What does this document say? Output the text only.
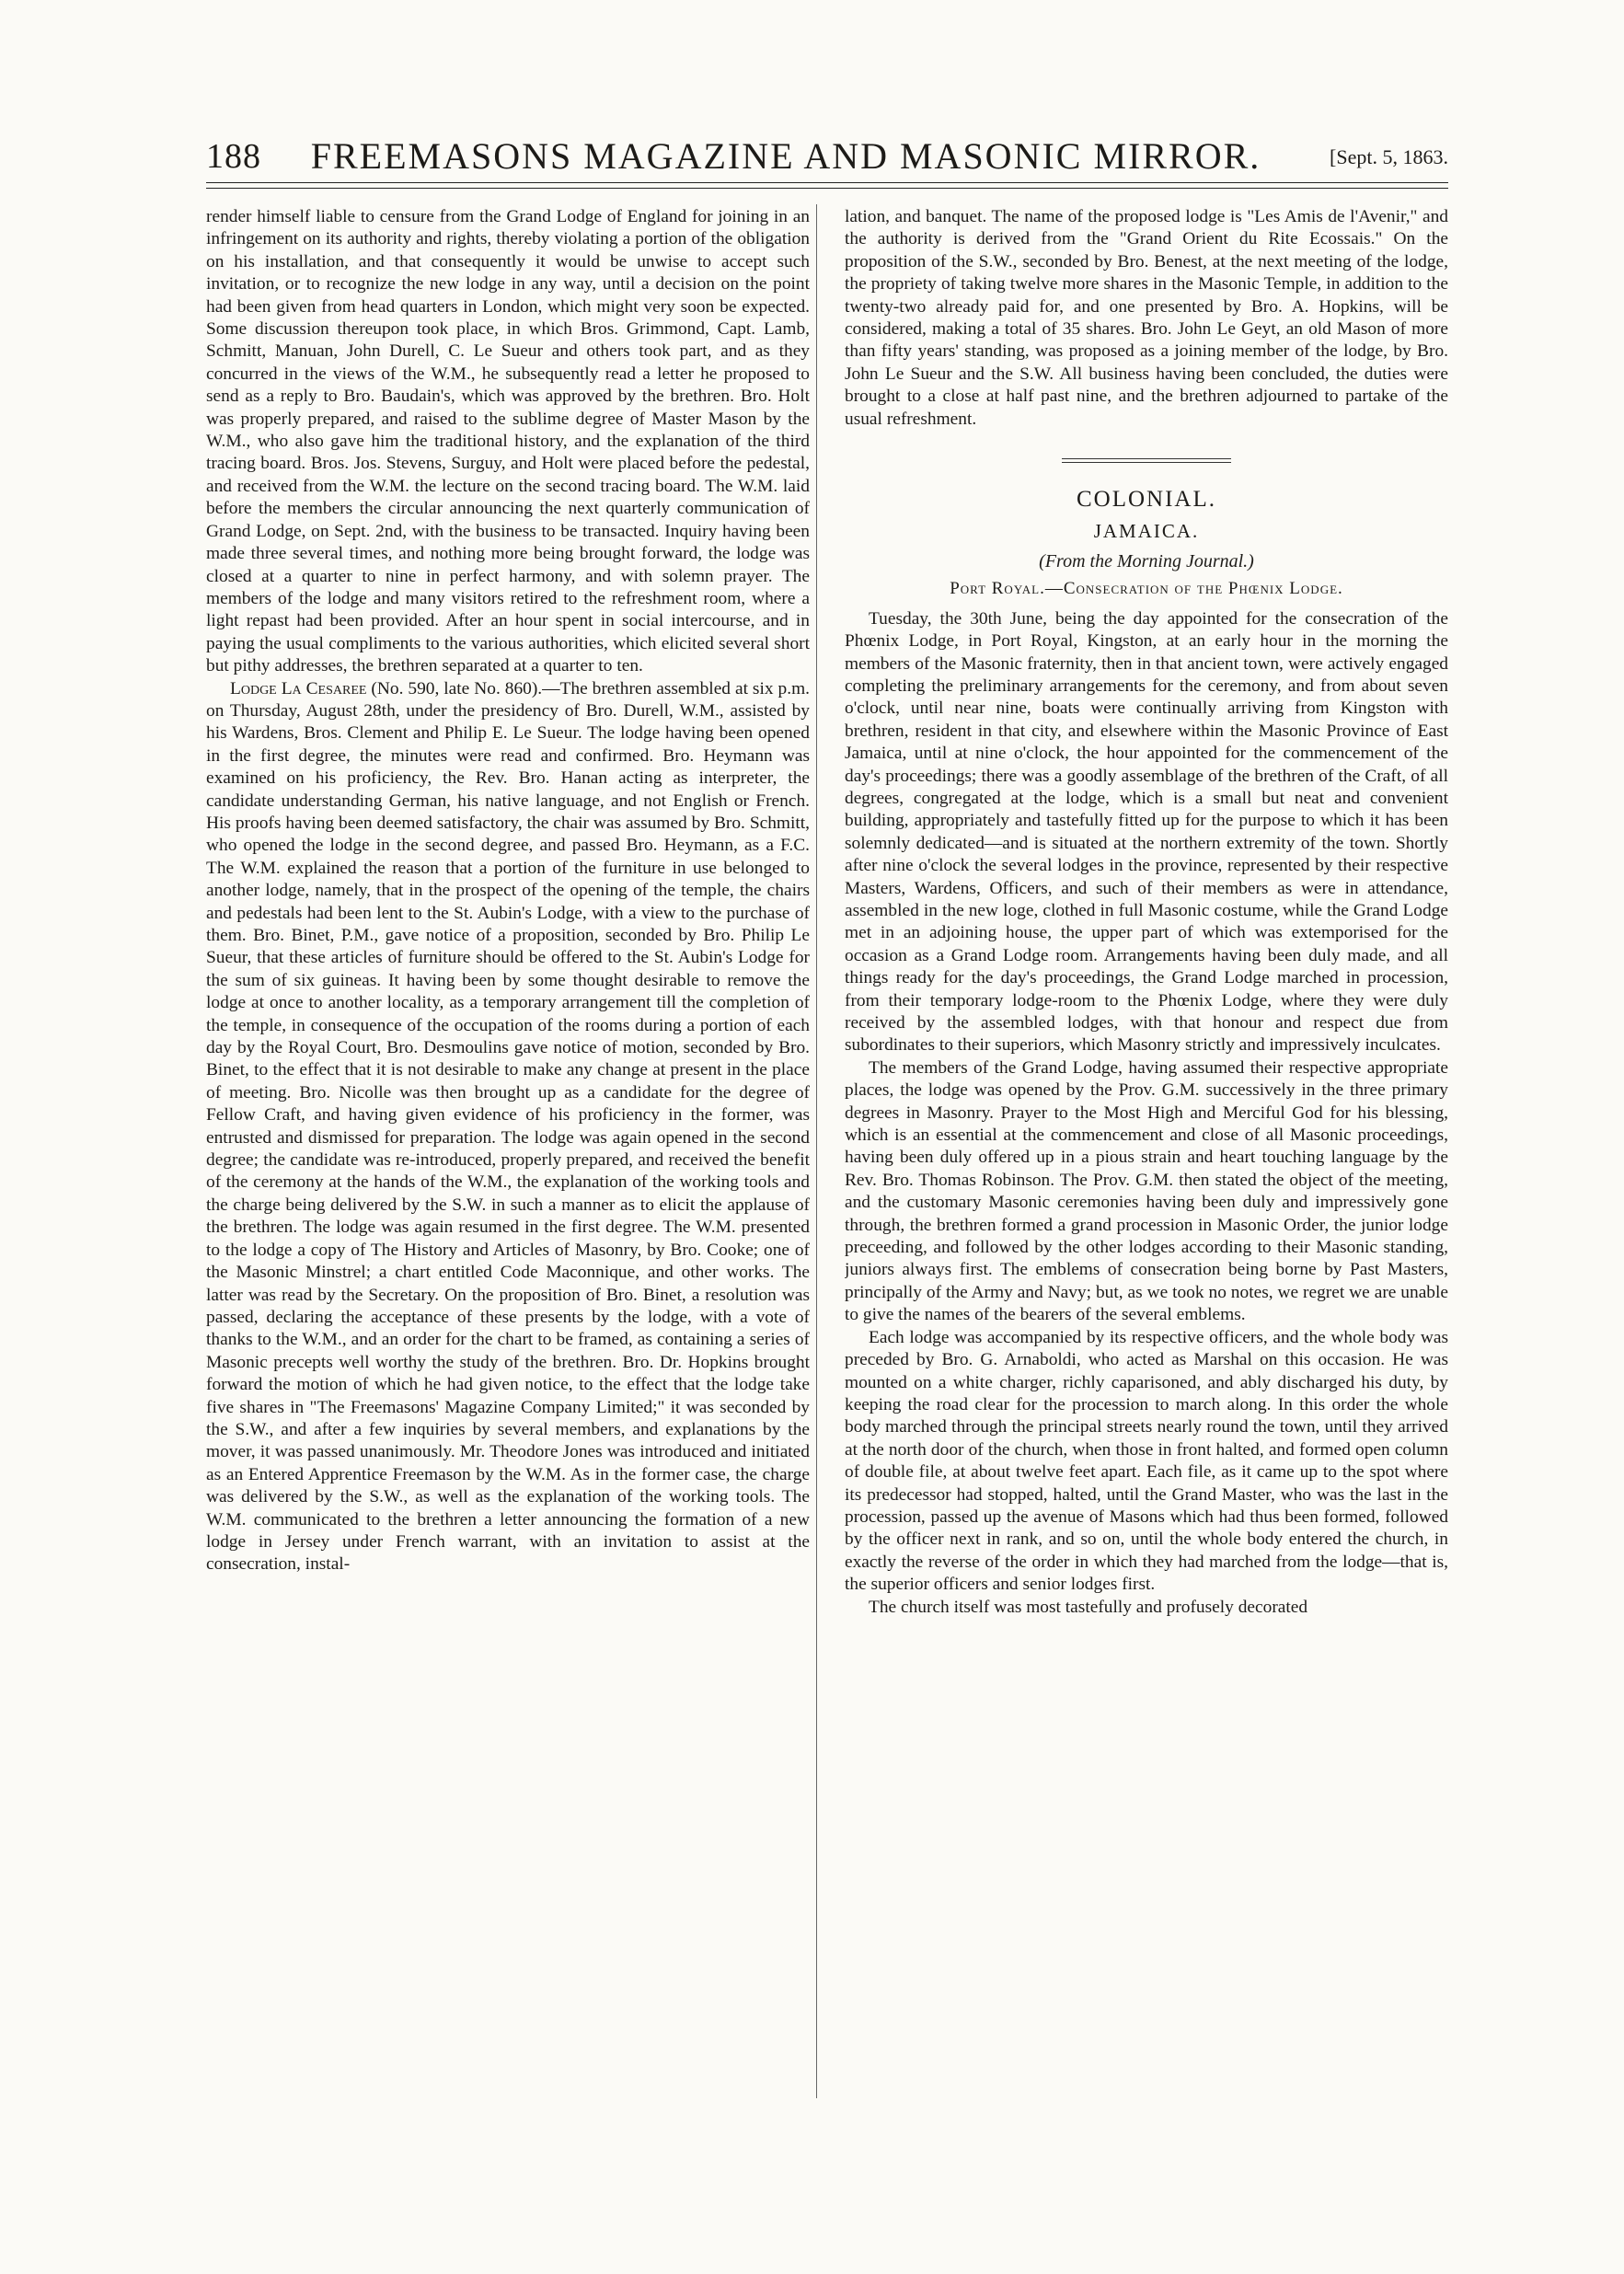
188	FREEMASONS MAGAZINE AND MASONIC MIRROR.	[Sept. 5, 1863.

render himself liable to censure from the Grand Lodge of England for joining in an infringement on its authority and rights, thereby violating a portion of the obligation on his installation, and that consequently it would be unwise to accept such invitation, or to recognize the new lodge in any way, until a decision on the point had been given from head quarters in London, which might very soon be expected. Some discussion thereupon took place, in which Bros. Grimmond, Capt. Lamb, Schmitt, Manuan, John Durell, C. Le Sueur and others took part, and as they concurred in the views of the W.M., he subsequently read a letter he proposed to send as a reply to Bro. Baudain's, which was approved by the brethren. Bro. Holt was properly prepared, and raised to the sublime degree of Master Mason by the W.M., who also gave him the traditional history, and the explanation of the third tracing board. Bros. Jos. Stevens, Surguy, and Holt were placed before the pedestal, and received from the W.M. the lecture on the second tracing board. The W.M. laid before the members the circular announcing the next quarterly communication of Grand Lodge, on Sept. 2nd, with the business to be transacted. Inquiry having been made three several times, and nothing more being brought forward, the lodge was closed at a quarter to nine in perfect harmony, and with solemn prayer. The members of the lodge and many visitors retired to the refreshment room, where a light repast had been provided. After an hour spent in social intercourse, and in paying the usual compliments to the various authorities, which elicited several short but pithy addresses, the brethren separated at a quarter to ten.

Lodge La Cesaree (No. 590, late No. 860).—The brethren assembled at six p.m. on Thursday, August 28th, under the presidency of Bro. Durell, W.M., assisted by his Wardens, Bros. Clement and Philip E. Le Sueur. The lodge having been opened in the first degree, the minutes were read and confirmed. Bro. Heymann was examined on his proficiency, the Rev. Bro. Hanan acting as interpreter, the candidate understanding German, his native language, and not English or French. His proofs having been deemed satisfactory, the chair was assumed by Bro. Schmitt, who opened the lodge in the second degree, and passed Bro. Heymann, as a F.C. The W.M. explained the reason that a portion of the furniture in use belonged to another lodge, namely, that in the prospect of the opening of the temple, the chairs and pedestals had been lent to the St. Aubin's Lodge, with a view to the purchase of them. Bro. Binet, P.M., gave notice of a proposition, seconded by Bro. Philip Le Sueur, that these articles of furniture should be offered to the St. Aubin's Lodge for the sum of six guineas. It having been by some thought desirable to remove the lodge at once to another locality, as a temporary arrangement till the completion of the temple, in consequence of the occupation of the rooms during a portion of each day by the Royal Court, Bro. Desmoulins gave notice of motion, seconded by Bro. Binet, to the effect that it is not desirable to make any change at present in the place of meeting. Bro. Nicolle was then brought up as a candidate for the degree of Fellow Craft, and having given evidence of his proficiency in the former, was entrusted and dismissed for preparation. The lodge was again opened in the second degree; the candidate was re-introduced, properly prepared, and received the benefit of the ceremony at the hands of the W.M., the explanation of the working tools and the charge being delivered by the S.W. in such a manner as to elicit the applause of the brethren. The lodge was again resumed in the first degree. The W.M. presented to the lodge a copy of The History and Articles of Masonry, by Bro. Cooke; one of the Masonic Minstrel; a chart entitled Code Maconnique, and other works. The latter was read by the Secretary. On the proposition of Bro. Binet, a resolution was passed, declaring the acceptance of these presents by the lodge, with a vote of thanks to the W.M., and an order for the chart to be framed, as containing a series of Masonic precepts well worthy the study of the brethren. Bro. Dr. Hopkins brought forward the motion of which he had given notice, to the effect that the lodge take five shares in "The Freemasons' Magazine Company Limited;" it was seconded by the S.W., and after a few inquiries by several members, and explanations by the mover, it was passed unanimously. Mr. Theodore Jones was introduced and initiated as an Entered Apprentice Freemason by the W.M. As in the former case, the charge was delivered by the S.W., as well as the explanation of the working tools. The W.M. communicated to the brethren a letter announcing the formation of a new lodge in Jersey under French warrant, with an invitation to assist at the consecration, instal-

lation, and banquet. The name of the proposed lodge is "Les Amis de l'Avenir," and the authority is derived from the "Grand Orient du Rite Ecossais." On the proposition of the S.W., seconded by Bro. Benest, at the next meeting of the lodge, the propriety of taking twelve more shares in the Masonic Temple, in addition to the twenty-two already paid for, and one presented by Bro. A. Hopkins, will be considered, making a total of 35 shares. Bro. John Le Geyt, an old Mason of more than fifty years' standing, was proposed as a joining member of the lodge, by Bro. John Le Sueur and the S.W. All business having been concluded, the duties were brought to a close at half past nine, and the brethren adjourned to partake of the usual refreshment.

COLONIAL.
JAMAICA.
(From the Morning Journal.)
Port Royal.—Consecration of the Phœnix Lodge.

Tuesday, the 30th June, being the day appointed for the consecration of the Phœnix Lodge, in Port Royal, Kingston, at an early hour in the morning the members of the Masonic fraternity, then in that ancient town, were actively engaged completing the preliminary arrangements for the ceremony, and from about seven o'clock, until near nine, boats were continually arriving from Kingston with brethren, resident in that city, and elsewhere within the Masonic Province of East Jamaica, until at nine o'clock, the hour appointed for the commencement of the day's proceedings; there was a goodly assemblage of the brethren of the Craft, of all degrees, congregated at the lodge, which is a small but neat and convenient building, appropriately and tastefully fitted up for the purpose to which it has been solemnly dedicated—and is situated at the northern extremity of the town. Shortly after nine o'clock the several lodges in the province, represented by their respective Masters, Wardens, Officers, and such of their members as were in attendance, assembled in the new loge, clothed in full Masonic costume, while the Grand Lodge met in an adjoining house, the upper part of which was extemporised for the occasion as a Grand Lodge room. Arrangements having been duly made, and all things ready for the day's proceedings, the Grand Lodge marched in procession, from their temporary lodge-room to the Phœnix Lodge, where they were duly received by the assembled lodges, with that honour and respect due from subordinates to their superiors, which Masonry strictly and impressively inculcates.

The members of the Grand Lodge, having assumed their respective appropriate places, the lodge was opened by the Prov. G.M. successively in the three primary degrees in Masonry. Prayer to the Most High and Merciful God for his blessing, which is an essential at the commencement and close of all Masonic proceedings, having been duly offered up in a pious strain and heart touching language by the Rev. Bro. Thomas Robinson. The Prov. G.M. then stated the object of the meeting, and the customary Masonic ceremonies having been duly and impressively gone through, the brethren formed a grand procession in Masonic Order, the junior lodge preceeding, and followed by the other lodges according to their Masonic standing, juniors always first. The emblems of consecration being borne by Past Masters, principally of the Army and Navy; but, as we took no notes, we regret we are unable to give the names of the bearers of the several emblems.

Each lodge was accompanied by its respective officers, and the whole body was preceded by Bro. G. Arnaboldi, who acted as Marshal on this occasion. He was mounted on a white charger, richly caparisoned, and ably discharged his duty, by keeping the road clear for the procession to march along. In this order the whole body marched through the principal streets nearly round the town, until they arrived at the north door of the church, when those in front halted, and formed open column of double file, at about twelve feet apart. Each file, as it came up to the spot where its predecessor had stopped, halted, until the Grand Master, who was the last in the procession, passed up the avenue of Masons which had thus been formed, followed by the officer next in rank, and so on, until the whole body entered the church, in exactly the reverse of the order in which they had marched from the lodge—that is, the superior officers and senior lodges first.

The church itself was most tastefully and profusely decorated
